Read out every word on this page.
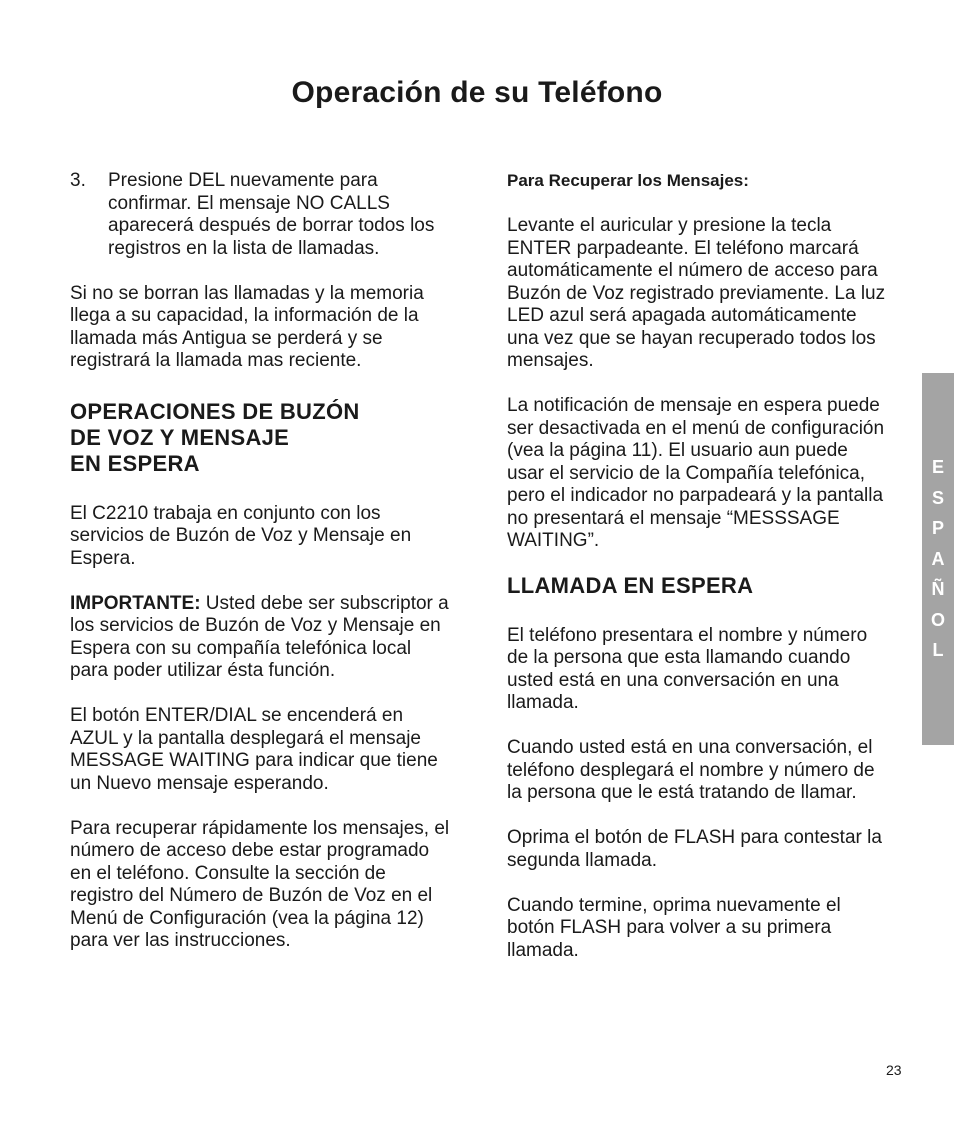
Operación de su Teléfono
3.	Presione DEL nuevamente para confirmar. El mensaje NO CALLS aparecerá después de borrar todos los registros en la lista de llamadas.

Si no se borran las llamadas y la memoria llega a su capacidad, la información de la llamada más Antigua se perderá y se registrará la llamada mas reciente.

OPERACIONES DE BUZÓN
DE VOZ Y MENSAJE
EN ESPERA

El C2210 trabaja en conjunto con los servicios de Buzón de Voz y Mensaje en Espera.

IMPORTANTE: Usted debe ser subscriptor a los servicios de Buzón de Voz y Mensaje en Espera con su compañía telefónica local para poder utilizar ésta función.

El botón ENTER/DIAL se encenderá en AZUL y la pantalla desplegará el mensaje MESSAGE WAITING para indicar que tiene un Nuevo mensaje esperando.

Para recuperar rápidamente los mensajes, el número de acceso debe estar programado en el teléfono. Consulte la sección de registro del Número de Buzón de Voz en el Menú de Configuración (vea la página 12) para ver las instrucciones.

Para Recuperar los Mensajes:

Levante el auricular y presione la tecla ENTER parpadeante. El teléfono marcará automáticamente el número de acceso para Buzón de Voz registrado previamente. La luz LED azul será apagada automáticamente una vez que se hayan recuperado todos los mensajes.

La notificación de mensaje en espera puede ser desactivada en el menú de configuración (vea la página 11). El usuario aun puede usar el servicio de la Compañía telefónica, pero el indicador no parpadeará y la pantalla no presentará el mensaje “MESSSAGE WAITING”.

LLAMADA EN ESPERA

El teléfono presentara el nombre y número de la persona que esta llamando cuando usted está en una conversación en una llamada.

Cuando usted está en una conversación, el teléfono desplegará el nombre y número de la persona que le está tratando de llamar.

Oprima el botón de FLASH para contestar la segunda llamada.

Cuando termine, oprima nuevamente el botón FLASH para volver a su primera llamada.

E
S
P
A
Ñ
O
L
23
